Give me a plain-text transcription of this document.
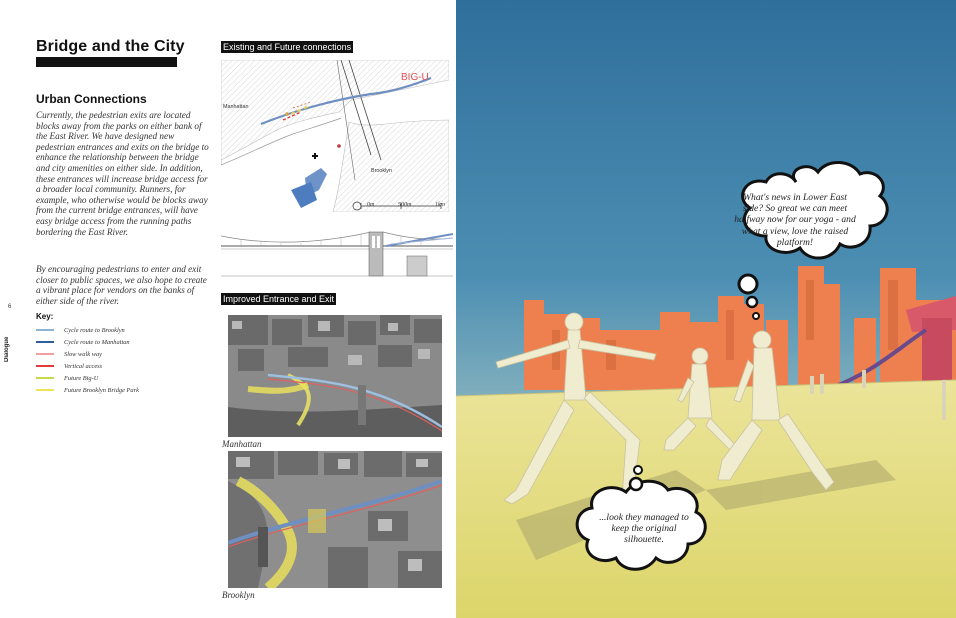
6
Dialogue
Bridge and the City
Urban Connections

Currently, the pedestrian exits are located blocks away from the parks on either bank of the East River. We have designed new pedestrian entrances and exits on the bridge to enhance the relationship between the bridge and city amenities on either side. In addition, these entrances will increase bridge access for a broader local community. Runners, for example, who otherwise would be blocks away from the current bridge entrances, will have easy bridge access from the running paths bordering the East River.

By encouraging pedestrians to enter and exit closer to public spaces, we also hope to create a vibrant place for vendors on the banks of either side of the river.

Key:
Cycle route to Brooklyn
Cycle route to Manhattan
Slow walk way
Vertical access
Future Big-U
Future Brooklyn Bridge Park
Existing and Future connections
Manhattan
Brooklyn
BIG-U
0m	500m	1km
Improved Entrance and Exit
Manhattan
Brooklyn
What's news in Lower East side? So great we can meet halfway now for our yoga - and what a view, love the raised platform!
...look they managed to keep the original silhouette.
